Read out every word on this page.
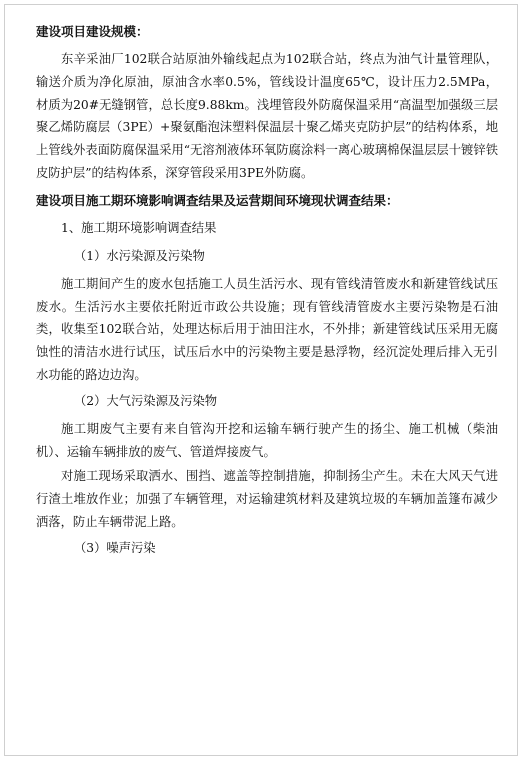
建设项目建设规模：
东辛采油厂102联合站原油外输线起点为102联合站，终点为油气计量管理队，输送介质为净化原油，原油含水率0.5%，管线设计温度65℃，设计压力2.5MPa，材质为20#无缝钢管，总长度9.88km。浅埋管段外防腐保温采用“高温型加强级三层聚乙烯防腐层（3PE）+聚氨酯泡沫塑料保温层十聚乙烯夹克防护层”的结构体系，地上管线外表面防腐保温采用“无溶剂液体环氧防腐涂料一离心玻璃棉保温层层十镀锌铁皮防护层”的结构体系，深穿管段采用3PE外防腐。
建设项目施工期环境影响调查结果及运营期间环境现状调查结果：
1、施工期环境影响调查结果
（1）水污染源及污染物
施工期间产生的废水包括施工人员生活污水、现有管线清管废水和新建管线试压废水。生活污水主要依托附近市政公共设施；现有管线清管废水主要污染物是石油类，收集至102联合站，处理达标后用于油田注水，不外排；新建管线试压采用无腐蚀性的清洁水进行试压，试压后水中的污染物主要是悬浮物，经沉淀处理后排入无引水功能的路边边沟。
（2）大气污染源及污染物
施工期废气主要有来自管沟开挖和运输车辆行驶产生的扬尘、施工机械（柴油机）、运输车辆排放的废气、管道焊接废气。
对施工现场采取洒水、围挡、遮盖等控制措施，抑制扬尘产生。未在大风天气进行渣土堆放作业；加强了车辆管理，对运输建筑材料及建筑垃圾的车辆加盖篷布减少洒落，防止车辆带泥上路。
（3）噪声污染
